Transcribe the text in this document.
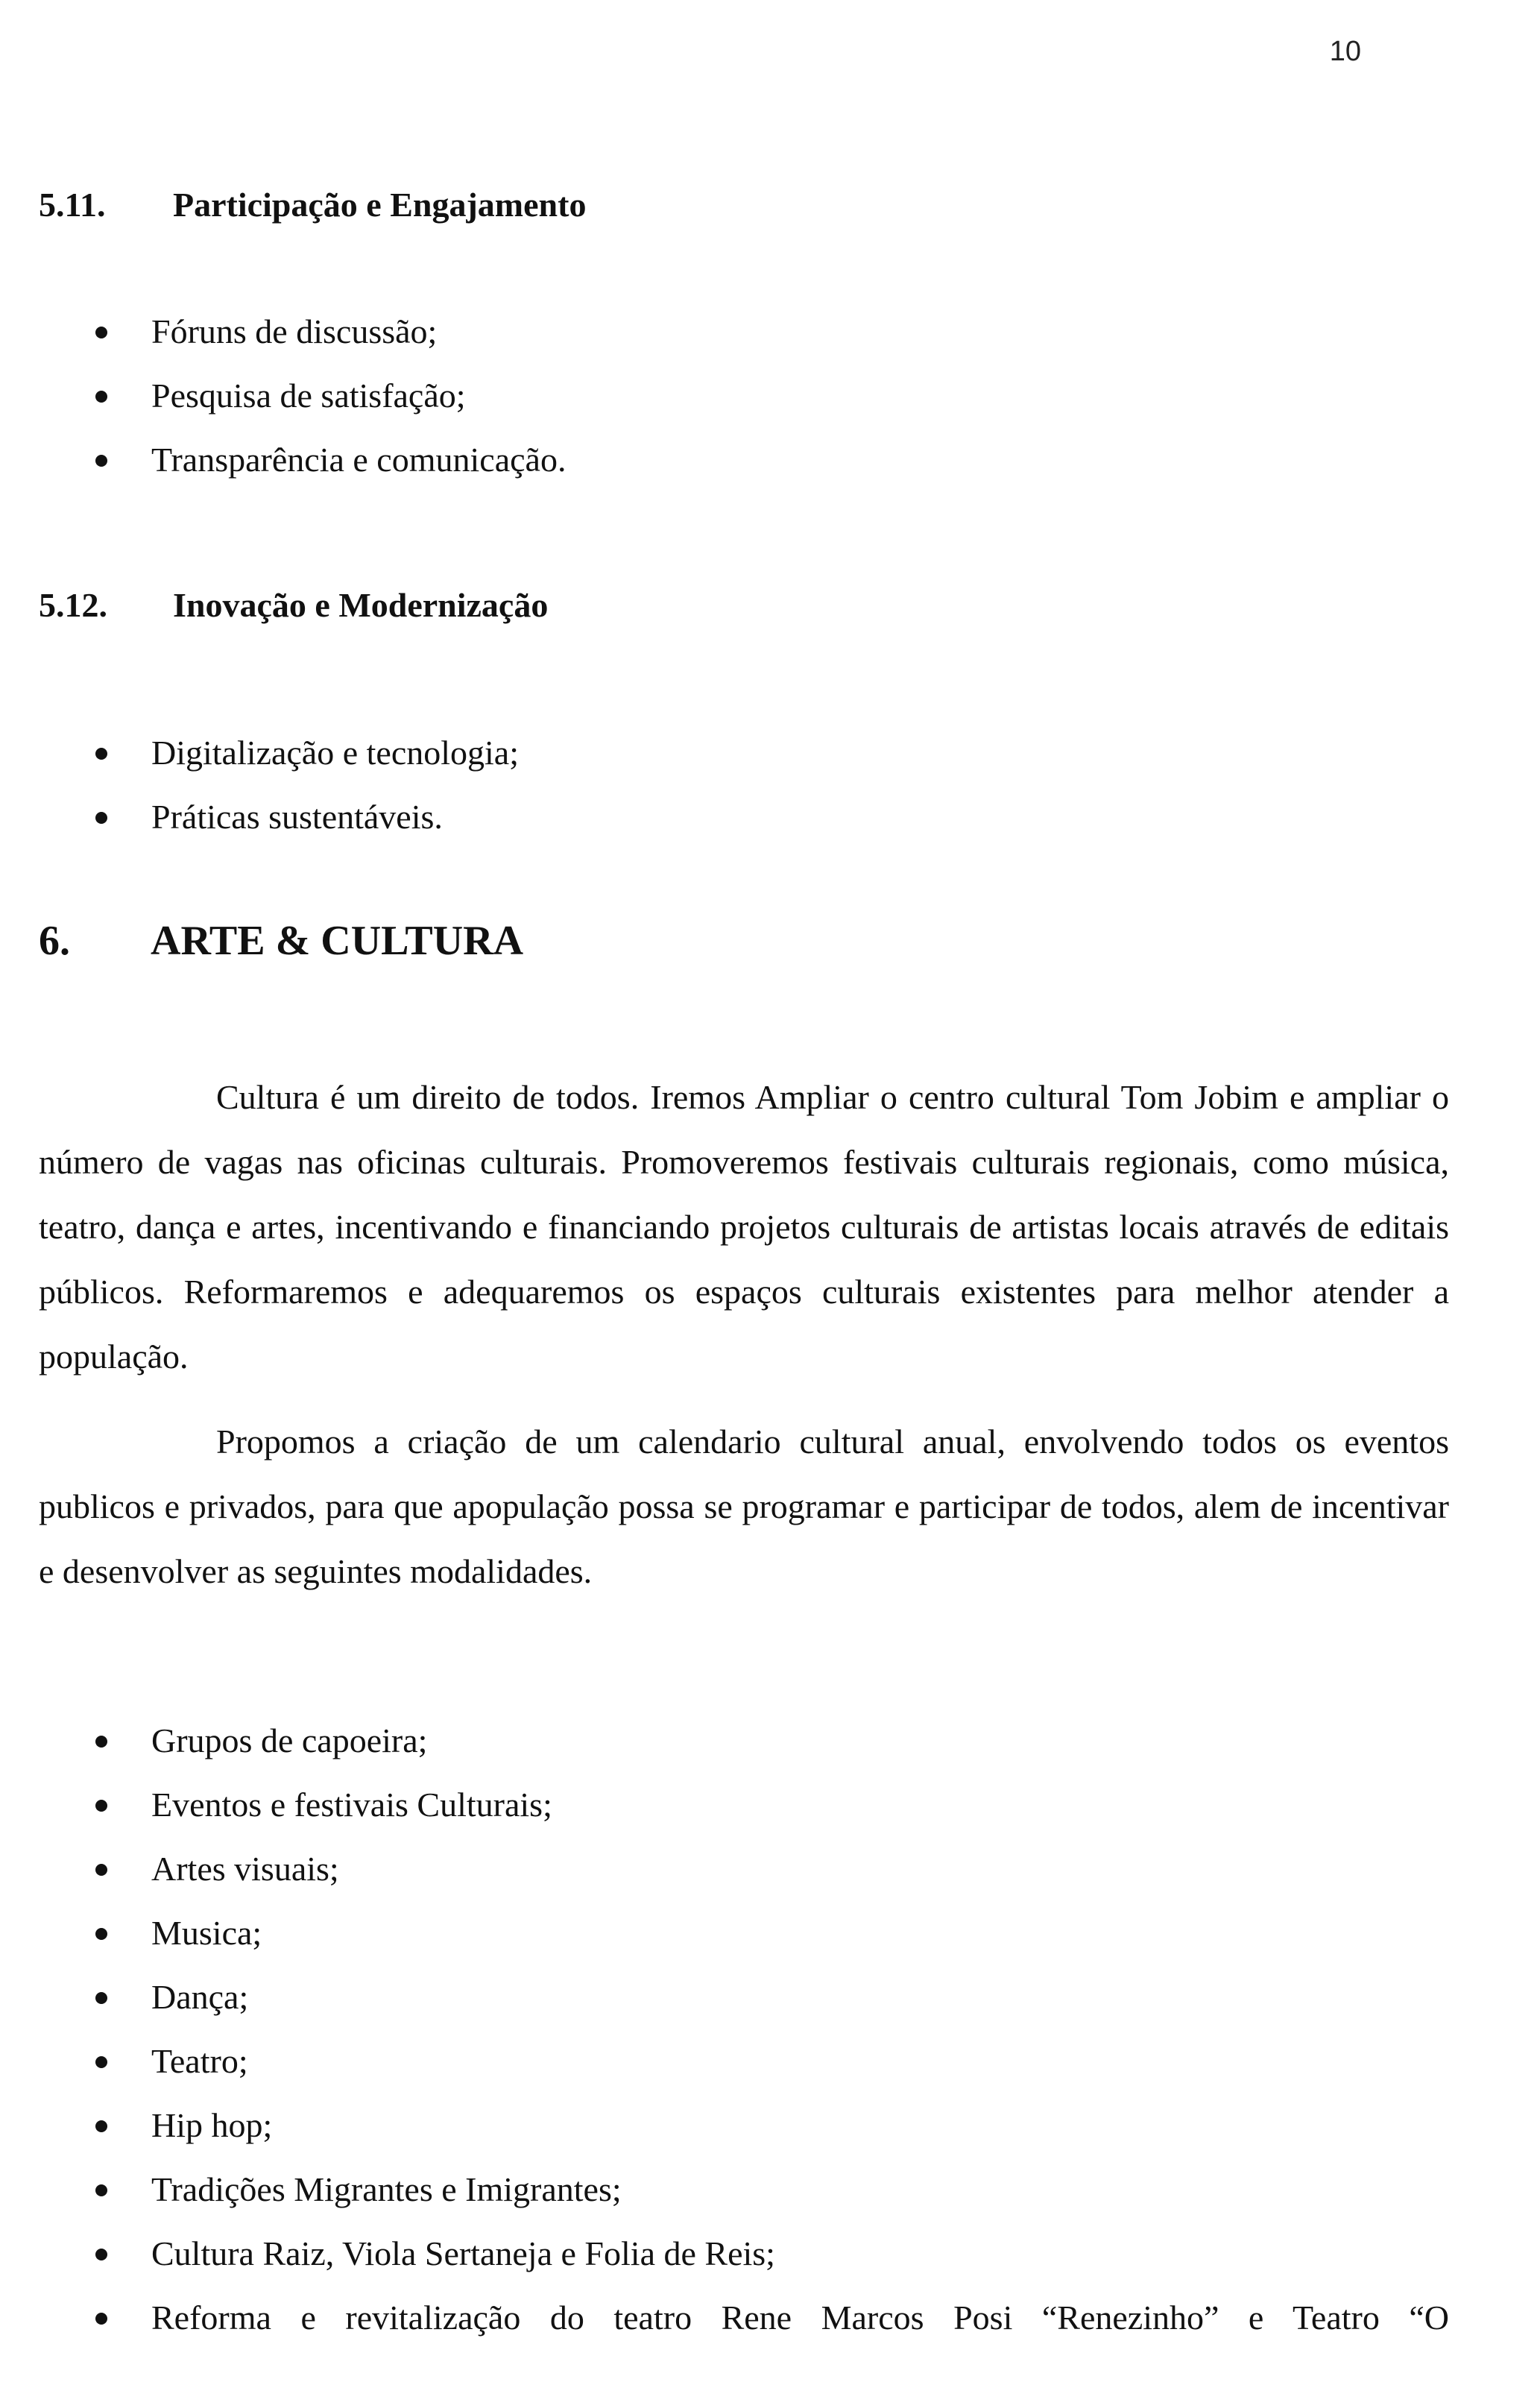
10
5.11.	Participação e Engajamento
Fóruns de discussão;
Pesquisa de satisfação;
Transparência e comunicação.
5.12.	Inovação e Modernização
Digitalização e tecnologia;
Práticas sustentáveis.
6.	ARTE & CULTURA

Cultura é um direito de todos. Iremos Ampliar o centro cultural Tom Jobim e ampliar o número de vagas nas oficinas culturais. Promoveremos festivais culturais regionais, como música, teatro, dança e artes, incentivando e financiando projetos culturais de artistas locais através de editais públicos. Reformaremos e adequaremos os espaços culturais existentes para melhor atender a população.

Propomos a criação de um calendario cultural anual, envolvendo todos os eventos publicos e privados, para que apopulação possa se programar e participar de todos, alem de incentivar e desenvolver as seguintes modalidades.

Grupos de capoeira;
Eventos e festivais Culturais;
Artes visuais;
Musica;
Dança;
Teatro;
Hip hop;
Tradições Migrantes e Imigrantes;
Cultura Raiz, Viola Sertaneja e Folia de Reis;
Reforma e revitalização do teatro Rene Marcos Posi “Renezinho” e Teatro “O
